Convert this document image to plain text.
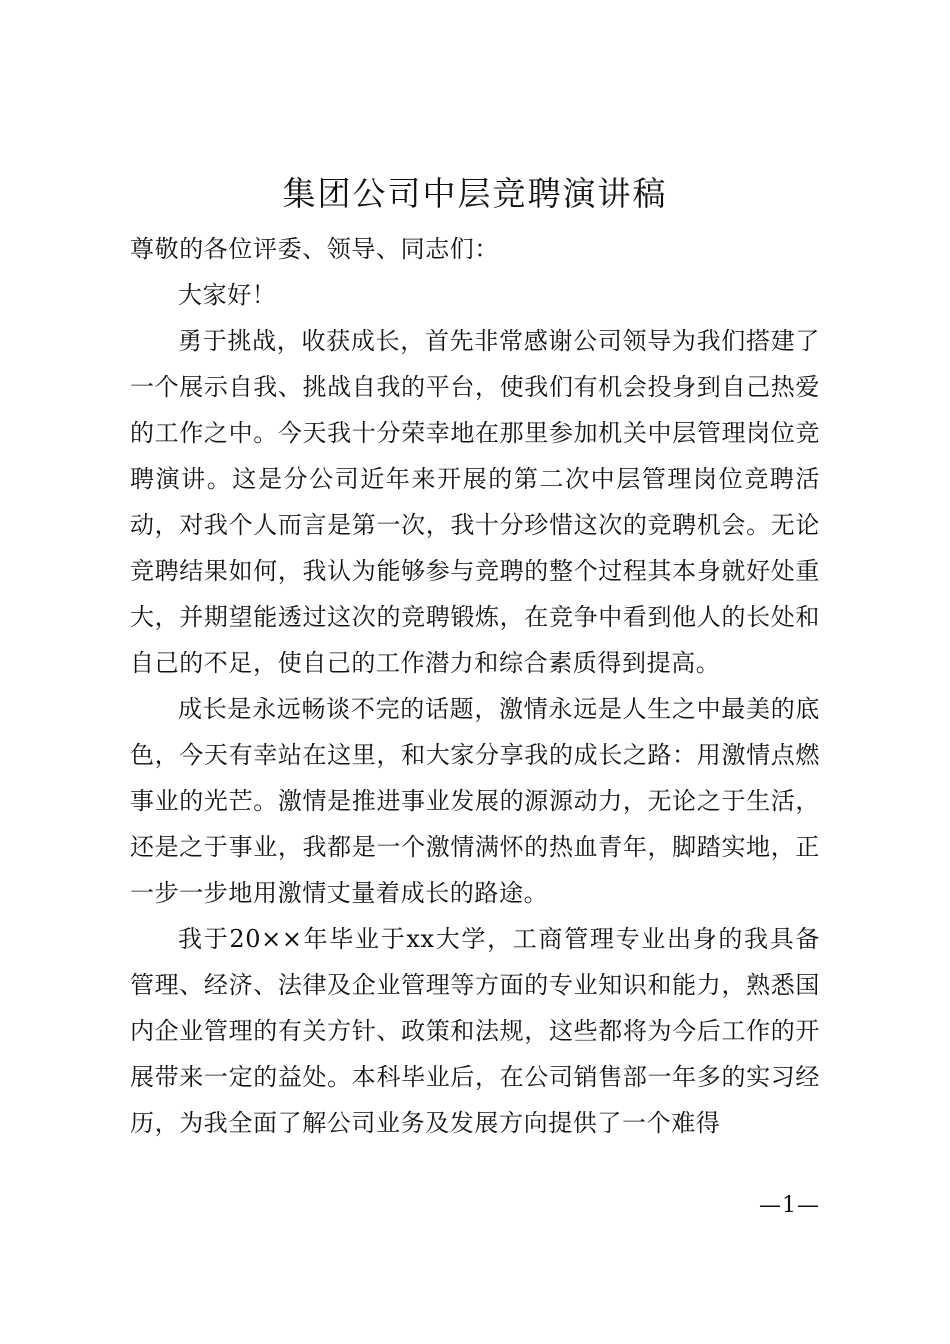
集团公司中层竞聘演讲稿

尊敬的各位评委、领导、同志们：

大家好！

勇于挑战，收获成长，首先非常感谢公司领导为我们搭建了一个展示自我、挑战自我的平台，使我们有机会投身到自己热爱的工作之中。今天我十分荣幸地在那里参加机关中层管理岗位竞聘演讲。这是分公司近年来开展的第二次中层管理岗位竞聘活动，对我个人而言是第一次，我十分珍惜这次的竞聘机会。无论竞聘结果如何，我认为能够参与竞聘的整个过程其本身就好处重大，并期望能透过这次的竞聘锻炼，在竞争中看到他人的长处和自己的不足，使自己的工作潜力和综合素质得到提高。

成长是永远畅谈不完的话题，激情永远是人生之中最美的底色，今天有幸站在这里，和大家分享我的成长之路：用激情点燃事业的光芒。激情是推进事业发展的源源动力，无论之于生活，还是之于事业，我都是一个激情满怀的热血青年，脚踏实地，正一步一步地用激情丈量着成长的路途。

我于20××年毕业于xx大学，工商管理专业出身的我具备管理、经济、法律及企业管理等方面的专业知识和能力，熟悉国内企业管理的有关方针、政策和法规，这些都将为今后工作的开展带来一定的益处。本科毕业后，在公司销售部一年多的实习经历，为我全面了解公司业务及发展方向提供了一个难得

—1—
